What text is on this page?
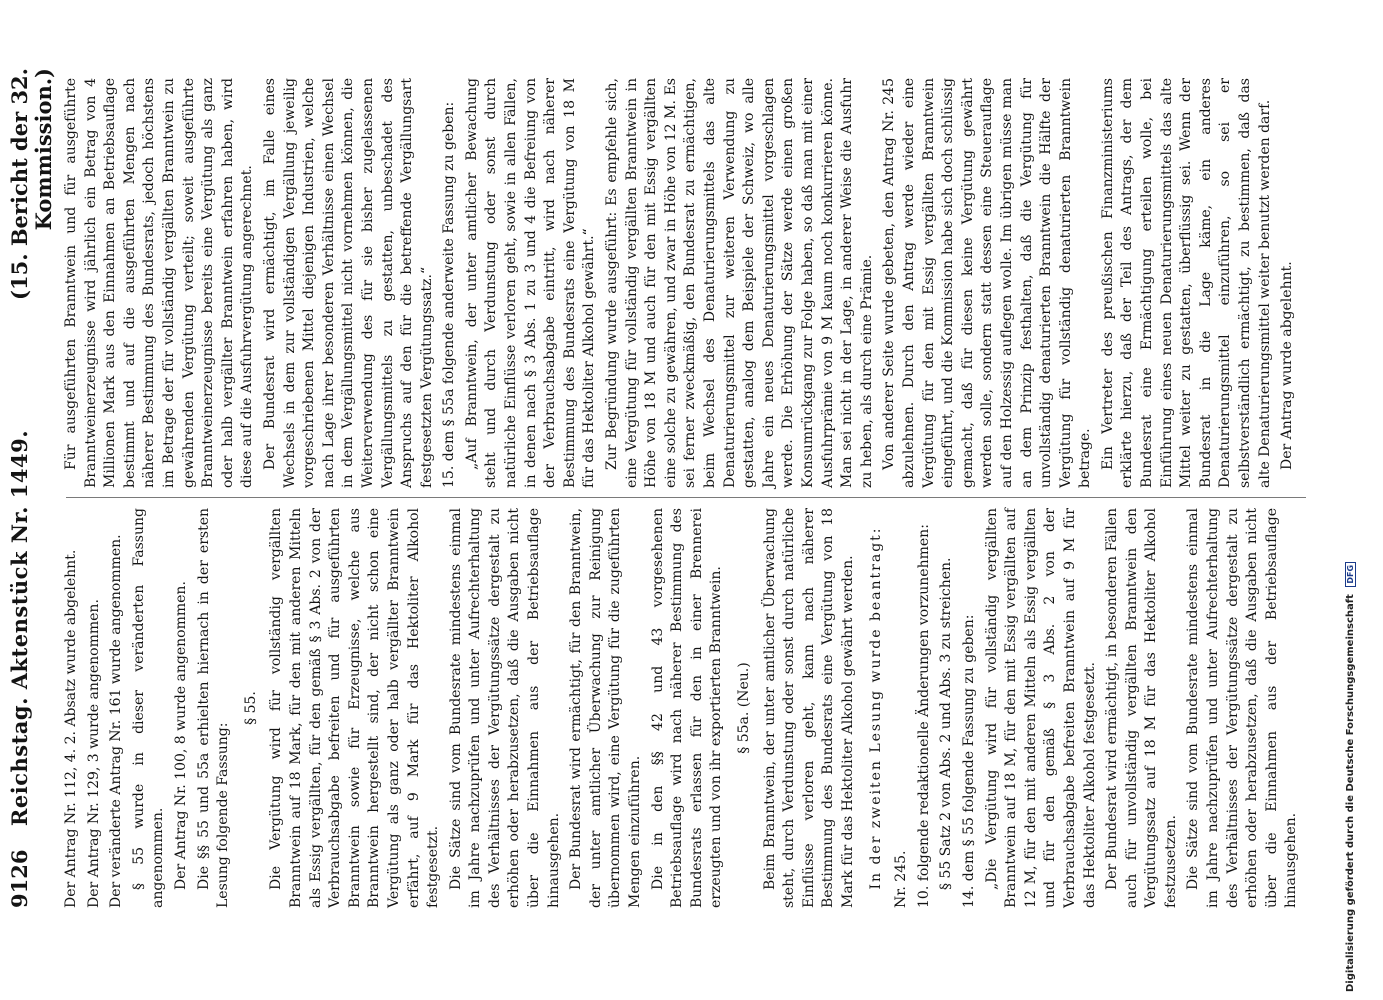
9126
Reichstag. Aktenstück Nr. 1449.
(15. Bericht der 32. Kommission.)

Der Antrag Nr. 112, 4. 2. Absatz wurde abgelehnt. Der Antrag Nr. 129, 3 wurde angenommen. Der veränderte Antrag Nr. 161 wurde angenommen. § 55 wurde in dieser veränderten Fassung angenommen. Der Antrag Nr. 100, 8 wurde angenommen. Die §§ 55 und 55a erhielten hiernach in der ersten Lesung folgende Fassung:

§ 55. Die Vergütung wird für vollständig vergällten Branntwein auf 18 Mark, für den mit anderen Mitteln als Essig vergällten, für den gemäß § 3 Abs. 2 von der Verbrauchsabgabe befreiten und für ausgeführten Branntwein sowie für Erzeugnisse, welche aus Branntwein hergestellt sind, der nicht schon eine Vergütung als ganz oder halb vergällter Branntwein erfährt, auf 9 Mark für das Hektoliter Alkohol festgesetzt. Die Sätze sind vom Bundesrate mindestens einmal im Jahre nachzuprüfen und unter Aufrechterhaltung des Verhältnisses der Vergütungssätze dergestalt zu erhöhen oder herabzusetzen, daß die Ausgaben nicht über die Einnahmen aus der Betriebsauflage hinausgehen. Der Bundesrat wird ermächtigt, für den Branntwein, der unter amtlicher Überwachung zur Reinigung übernommen wird, eine Vergütung für die zugeführten Mengen einzuführen. Die in den §§ 42 und 43 vorgesehenen Betriebsauflage wird nach näherer Bestimmung des Bundesrats erlassen für den in einer Brennerei erzeugten und von ihr exportierten Branntwein. § 55a. (Neu.) Beim Branntwein, der unter amtlicher Überwachung steht, durch Verdunstung oder sonst durch natürliche Einflüsse verloren geht, kann nach näherer Bestimmung des Bundesrats eine Vergütung von 18 Mark für das Hektoliter Alkohol gewährt werden. In der zweiten Lesung wurde beantragt: Nr. 245. 10. folgende redaktionelle Änderungen vorzunehmen: § 55 Satz 2 von Abs. 2 und Abs. 3 zu streichen. 14. dem § 55 folgende Fassung zu geben: „Die Vergütung wird für vollständig vergällten Branntwein auf 18 M, für den mit Essig vergällten auf 12 M, für den mit anderen Mitteln als Essig vergällten und für den gemäß § 3 Abs. 2 von der Verbrauchsabgabe befreiten Branntwein auf 9 M für das Hektoliter Alkohol festgesetzt. Der Bundesrat wird ermächtigt, in besonderen Fällen auch für unvollständig vergällten Branntwein den Vergütungssatz auf 18 M für das Hektoliter Alkohol festzusetzen. Die Sätze sind vom Bundesrate mindestens einmal im Jahre nachzuprüfen und unter Aufrechterhaltung des Verhältnisses der Vergütungssätze dergestalt zu erhöhen oder herabzusetzen, daß die Ausgaben nicht über die Einnahmen aus der Betriebsauflage hinausgehen.

Für ausgeführten Branntwein und für ausgeführte Branntweinerzeugnisse wird jährlich ein Betrag von 4 Millionen Mark aus den Einnahmen an Betriebsauflage bestimmt und auf die ausgeführten Mengen nach näherer Bestimmung des Bundesrats, jedoch höchstens im Betrage der für vollständig vergällten Branntwein zu gewährenden Vergütung verteilt; soweit ausgeführte Branntweinerzeugnisse bereits eine Vergütung als ganz oder halb vergällter Branntwein erfahren haben, wird diese auf die Ausfuhrvergütung angerechnet. Der Bundesrat wird ermächtigt, im Falle eines Wechsels in dem zur vollständigen Vergällung jeweilig vorgeschriebenen Mittel diejenigen Industrien, welche nach Lage ihrer besonderen Verhältnisse einen Wechsel in dem Vergällungsmittel nicht vornehmen können, die Weiterverwendung des für sie bisher zugelassenen Vergällungsmittels zu gestatten, unbeschadet des Anspruchs auf den für die betreffende Vergällungsart festgesetzten Vergütungssatz.“ 15. dem § 55a folgende anderweite Fassung zu geben: „Auf Branntwein, der unter amtlicher Bewachung steht und durch Verdunstung oder sonst durch natürliche Einflüsse verloren geht, sowie in allen Fällen, in denen nach § 3 Abs. 1 zu 3 und 4 die Befreiung von der Verbrauchsabgabe eintritt, wird nach näherer Bestimmung des Bundesrats eine Vergütung von 18 M für das Hektoliter Alkohol gewährt.“ Zur Begründung wurde ausgeführt: Es empfehle sich, eine Vergütung für vollständig vergällten Branntwein in Höhe von 18 M und auch für den mit Essig vergällten eine solche zu gewähren, und zwar in Höhe von 12 M. Es sei ferner zweckmäßig, den Bundesrat zu ermächtigen, beim Wechsel des Denaturierungsmittels das alte Denaturierungsmittel zur weiteren Verwendung zu gestatten, analog dem Beispiele der Schweiz, wo alle Jahre ein neues Denaturierungsmittel vorgeschlagen werde. Die Erhöhung der Sätze werde einen großen Konsumrückgang zur Folge haben, so daß man mit einer Ausfuhrprämie von 9 M kaum noch konkurrieren könne. Man sei nicht in der Lage, in anderer Weise die Ausfuhr zu heben, als durch eine Prämie. Von anderer Seite wurde gebeten, den Antrag Nr. 245 abzulehnen. Durch den Antrag werde wieder eine Vergütung für den mit Essig vergällten Branntwein eingeführt, und die Kommission habe sich doch schlüssig gemacht, daß für diesen keine Vergütung gewährt werden solle, sondern statt dessen eine Steuerauflage auf den Holzessig auflegen wolle. Im übrigen müsse man an dem Prinzip festhalten, daß die Vergütung für unvollständig denaturierten Branntwein die Hälfte der Vergütung für vollständig denaturierten Branntwein betrage. Ein Vertreter des preußischen Finanzministeriums erklärte hierzu, daß der Teil des Antrags, der dem Bundesrat eine Ermächtigung erteilen wolle, bei Einführung eines neuen Denaturierungsmittels das alte Mittel weiter zu gestatten, überflüssig sei. Wenn der Bundesrat in die Lage käme, ein anderes Denaturierungsmittel einzuführen, so sei er selbstverständlich ermächtigt, zu bestimmen, daß das alte Denaturierungsmittel weiter benutzt werden darf. Der Antrag wurde abgelehnt.

Digitalisierung gefördert durch die Deutsche Forschungsgemeinschaft DFG
